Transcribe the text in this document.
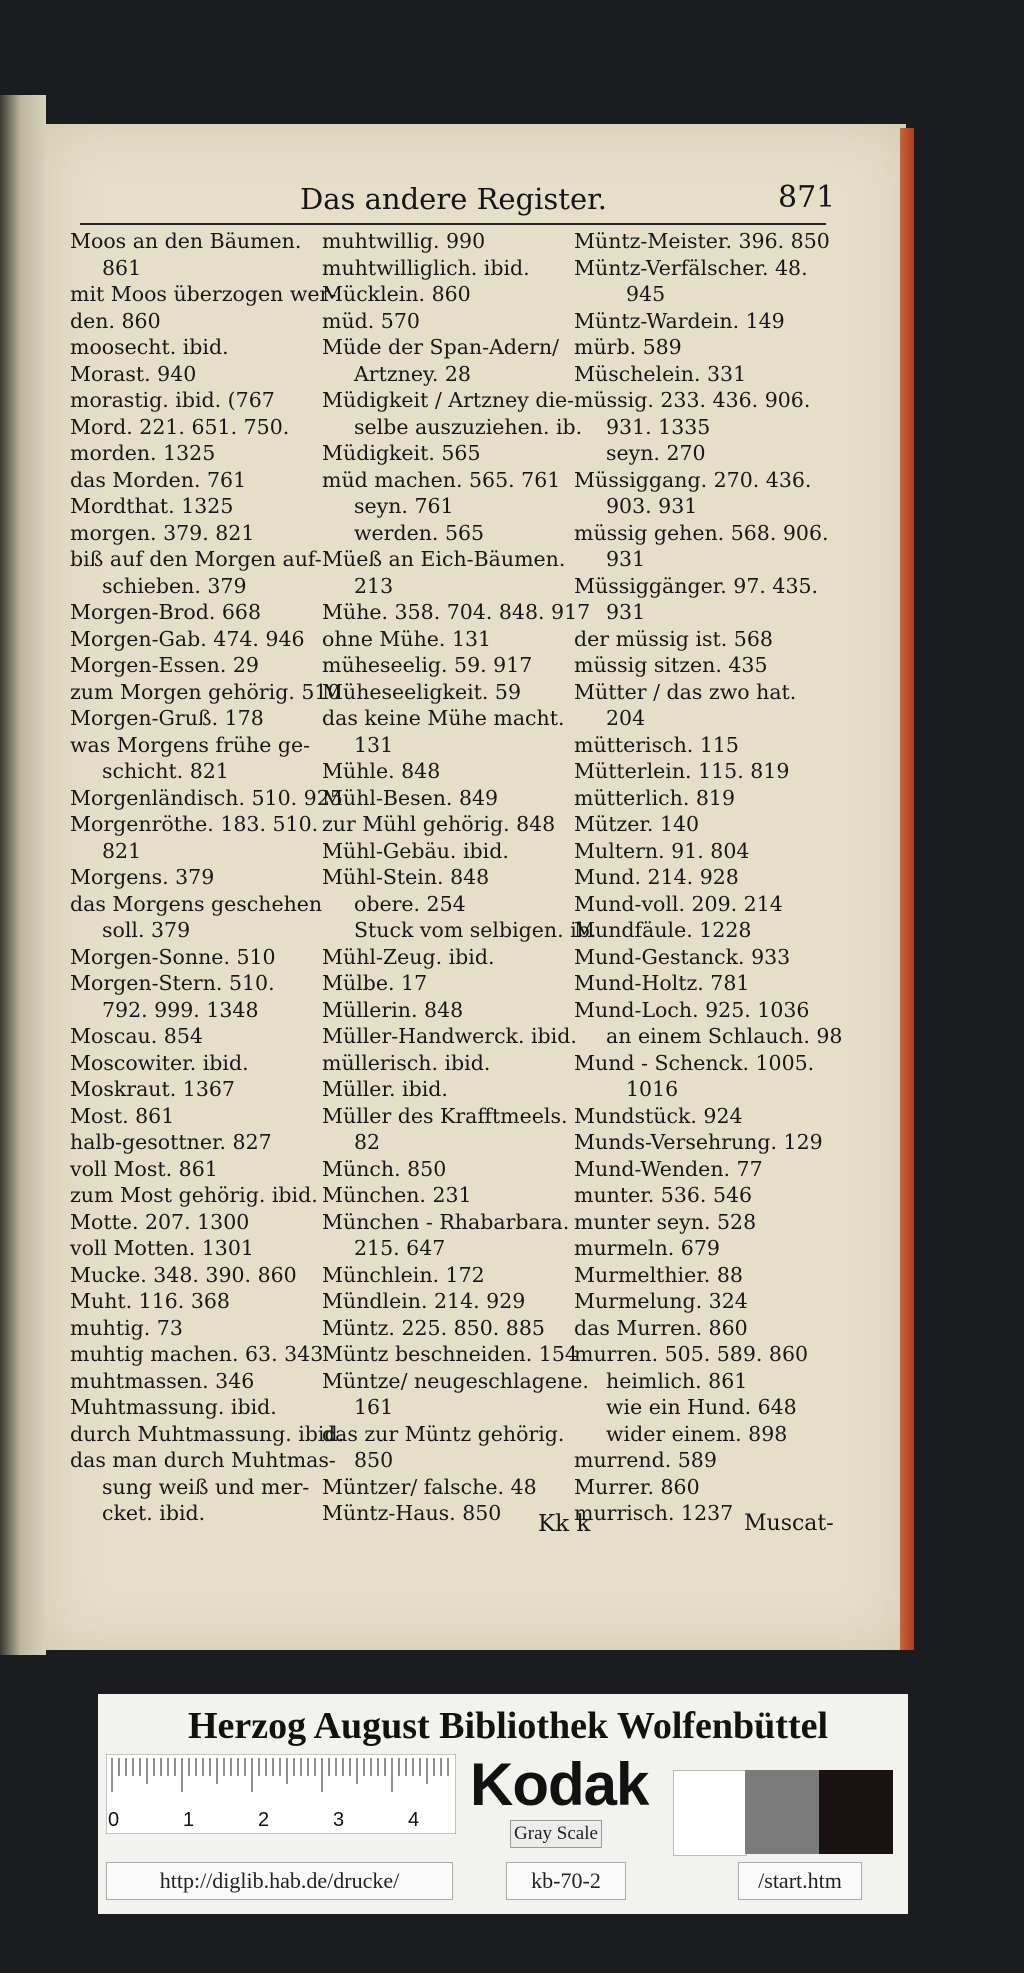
Das andere Register.	871
Moos an den Bäumen.
861
mit Moos überzogen wer-
den. 860
moosecht. ibid.
Morast. 940
morastig. ibid. (767
Mord. 221. 651. 750.
morden. 1325
das Morden. 761
Mordthat. 1325
morgen. 379. 821
biß auf den Morgen auf-
schieben. 379
Morgen-Brod. 668
Morgen-Gab. 474. 946
Morgen-Essen. 29
zum Morgen gehörig. 510
Morgen-Gruß. 178
was Morgens frühe ge-
schicht. 821
Morgenländisch. 510. 925
Morgenröthe. 183. 510.
821
Morgens. 379
das Morgens geschehen
soll. 379
Morgen-Sonne. 510
Morgen-Stern. 510.
792. 999. 1348
Moscau. 854
Moscowiter. ibid.
Moskraut. 1367
Most. 861
halb-gesottner. 827
voll Most. 861
zum Most gehörig. ibid.
Motte. 207. 1300
voll Motten. 1301
Mucke. 348. 390. 860
Muht. 116. 368
muhtig. 73
muhtig machen. 63. 343
muhtmassen. 346
Muhtmassung. ibid.
durch Muhtmassung. ibid.
das man durch Muhtmas-
sung weiß und mer-
cket. ibid.
muhtwillig. 990
muhtwilliglich. ibid.
Mücklein. 860
müd. 570
Müde der Span-Adern/
Artzney. 28
Müdigkeit / Artzney die-
selbe auszuziehen. ib.
Müdigkeit. 565
müd machen. 565. 761
seyn. 761
werden. 565
Müeß an Eich-Bäumen.
213
Mühe. 358. 704. 848. 917
ohne Mühe. 131
müheseelig. 59. 917
Müheseeligkeit. 59
das keine Mühe macht.
131
Mühle. 848
Mühl-Besen. 849
zur Mühl gehörig. 848
Mühl-Gebäu. ibid.
Mühl-Stein. 848
obere. 254
Stuck vom selbigen. ib.
Mühl-Zeug. ibid.
Mülbe. 17
Müllerin. 848
Müller-Handwerck. ibid.
müllerisch. ibid.
Müller. ibid.
Müller des Krafftmeels.
82
Münch. 850
München. 231
München - Rhabarbara.
215. 647
Münchlein. 172
Mündlein. 214. 929
Müntz. 225. 850. 885
Müntz beschneiden. 154
Müntze/ neugeschlagene.
161
das zur Müntz gehörig.
850
Müntzer/ falsche. 48
Müntz-Haus. 850
Müntz-Meister. 396. 850
Müntz-Verfälscher. 48.
945
Müntz-Wardein. 149
mürb. 589
Müschelein. 331
müssig. 233. 436. 906.
931. 1335
seyn. 270
Müssiggang. 270. 436.
903. 931
müssig gehen. 568. 906.
931
Müssiggänger. 97. 435.
931
der müssig ist. 568
müssig sitzen. 435
Mütter / das zwo hat.
204
mütterisch. 115
Mütterlein. 115. 819
mütterlich. 819
Mützer. 140
Multern. 91. 804
Mund. 214. 928
Mund-voll. 209. 214
Mundfäule. 1228
Mund-Gestanck. 933
Mund-Holtz. 781
Mund-Loch. 925. 1036
an einem Schlauch. 98
Mund - Schenck. 1005.
1016
Mundstück. 924
Munds-Versehrung. 129
Mund-Wenden. 77
munter. 536. 546
munter seyn. 528
murmeln. 679
Murmelthier. 88
Murmelung. 324
das Murren. 860
murren. 505. 589. 860
heimlich. 861
wie ein Hund. 648
wider einem. 898
murrend. 589
Murrer. 860
murrisch. 1237
Kk k	Muscat-
Herzog August Bibliothek Wolfenbüttel
0	1	2	3	4
Kodak
Gray Scale
http://diglib.hab.de/drucke/	kb-70-2	/start.htm
